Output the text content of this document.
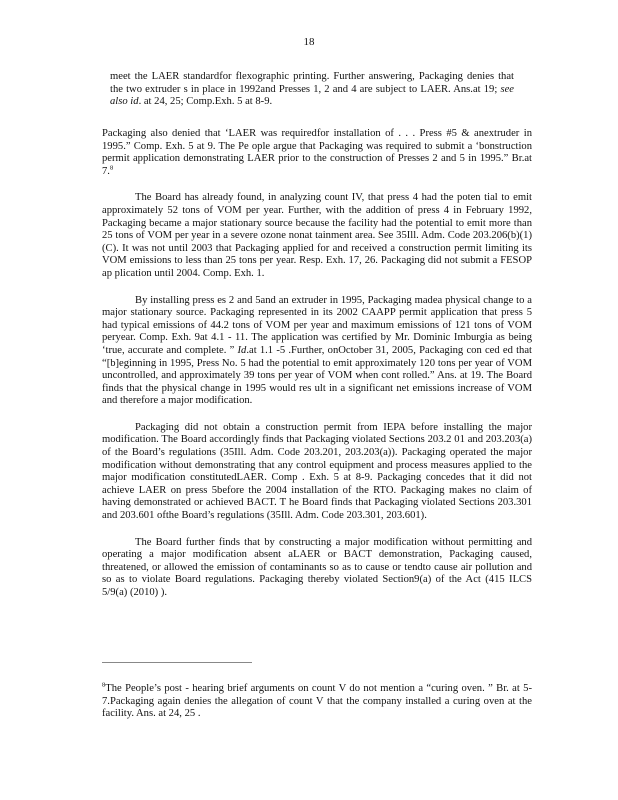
18

meet the LAER standardfor flexographic printing. Further answering, Packaging denies that the two extruder s in place in 1992and Presses 1, 2 and 4 are subject to LAER. Ans.at 19; see also id. at 24, 25; Comp.Exh. 5 at 8-9.

Packaging also denied that ‘LAER was requiredfor installation of . . . Press #5 & anextruder in 1995.” Comp. Exh. 5 at 9. The Pe ople argue that Packaging was required to submit a ‘bonstruction permit application demonstrating LAER prior to the construction of Presses 2 and 5 in 1995.” Br.at 7.$^8$

The Board has already found, in analyzing count IV, that press 4 had the poten tial to emit approximately 52 tons of VOM per year. Further, with the addition of press 4 in February 1992, Packaging became a major stationary source because the facility had the potential to emit more than 25 tons of VOM per year in a severe ozone nonat tainment area. See 35Ill. Adm. Code 203.206(b)(1)(C). It was not until 2003 that Packaging applied for and received a construction permit limiting its VOM emissions to less than 25 tons per year. Resp. Exh. 17, 26. Packaging did not submit a FESOP ap plication until 2004. Comp. Exh. 1.

By installing press es 2 and 5and an extruder in 1995, Packaging madea physical change to a major stationary source. Packaging represented in its 2002 CAAPP permit application that press 5 had typical emissions of 44.2 tons of VOM per year and maximum emissions of 121 tons of VOM peryear. Comp. Exh. 9at 4.1 - 11. The application was certified by Mr. Dominic Imburgia as being ‘true, accurate and complete. ” Id.at 1.1 -5 .Further, onOctober 31, 2005, Packaging con ced ed that “[b]eginning in 1995, Press No. 5 had the potential to emit approximately 120 tons per year of VOM uncontrolled, and approximately 39 tons per year of VOM when cont rolled.” Ans. at 19. The Board finds that the physical change in 1995 would res ult in a significant net emissions increase of VOM and therefore a major modification.

Packaging did not obtain a construction permit from IEPA before installing the major modification. The Board accordingly finds that Packaging violated Sections 203.2 01 and 203.203(a) of the Board’s regulations (35Ill. Adm. Code 203.201, 203.203(a)). Packaging operated the major modification without demonstrating that any control equipment and process measures applied to the major modification constitutedLAER. Comp . Exh. 5 at 8-9. Packaging concedes that it did not achieve LAER on press 5before the 2004 installation of the RTO. Packaging makes no claim of having demonstrated or achieved BACT. T he Board finds that Packaging violated Sections 203.301 and 203.601 ofthe Board’s regulations (35Ill. Adm. Code 203.301, 203.601).

The Board further finds that by constructing a major modification without permitting and operating a major modification absent aLAER or BACT demonstration, Packaging caused, threatened, or allowed the emission of contaminants so as to cause or tendto cause air pollution and so as to violate Board regulations. Packaging thereby violated Section9(a) of the Act (415 ILCS 5/9(a) (2010) ).

$^8$The People’s post - hearing brief arguments on count V do not mention a “curing oven. ” Br. at 5-7.Packaging again denies the allegation of count V that the company installed a curing oven at the facility. Ans. at 24, 25 .
